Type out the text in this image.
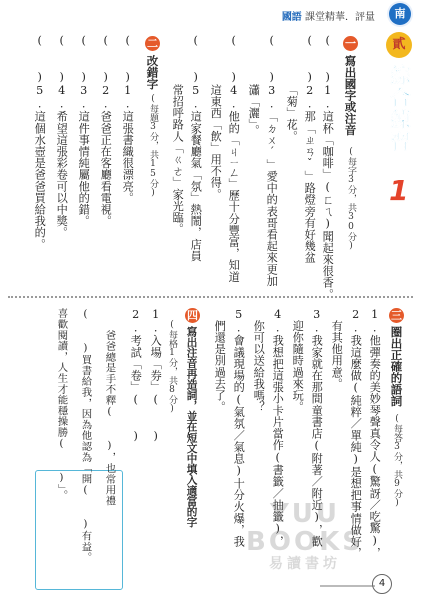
國語 課堂精華．評量	南
貳
綜合練習
1
一
寫出國字或注音
(每字3分，共30分)
(　　)1.這杯「咖啡」(ㄈㄟ)聞起來很香。
(　　)2.那「ㄓㄢˇ」路燈旁有好幾盆
「菊」花。
(　　)3.「ㄉㄨˊ」愛中的表哥看起來更加
瀟「灑」。
(　　)4.他的「ㄐㄧㄥ」歷十分豐富，知道
這東西「飲」用不得。
(　　)5.這家餐廳氣「氛」熱鬧，店員
常招呼路人「ㄍㄜ」家光臨。
二
改錯字
(每題3分，共15分)
(　　)1.這張書織很漂亮。
(　　)2.爸爸正在客廳看電視。
(　　)3.這件事情純屬他的錯。
(　　)4.希望這張彩卷可以中獎。
(　　)5.這個水壺是爸爸買給我的。
三
圈出正確的語詞
(每答3分，共9分)
1.他彈奏的美妙琴聲真令人(驚訝／吃驚)，
2.我這麼做(純粹／單純)是想把事情做好，
有其他用意。
3.我家就在那間童書店(附著／附近)，歡
迎你隨時過來玩。
4.我想把這張小卡片當作(書籤／抽籤)，
你可以送給我嗎？
5.會議現場的(氣氛／氣息)十分火爆，我
們還是別過去了。
四
寫出注音再造詞，並在短文中填入適當的字
(每格1分，共8分)
1.入場「券」(　　)
2.考試「卷」(　　)
爸爸總是手不釋(　　)，也常用禮
(　　)買書給我，因為他認為「開(　　)有益。
喜歡閱讀，人生才能穩操勝(　　)」。
YUU
BOOKS
易讀書坊
4
